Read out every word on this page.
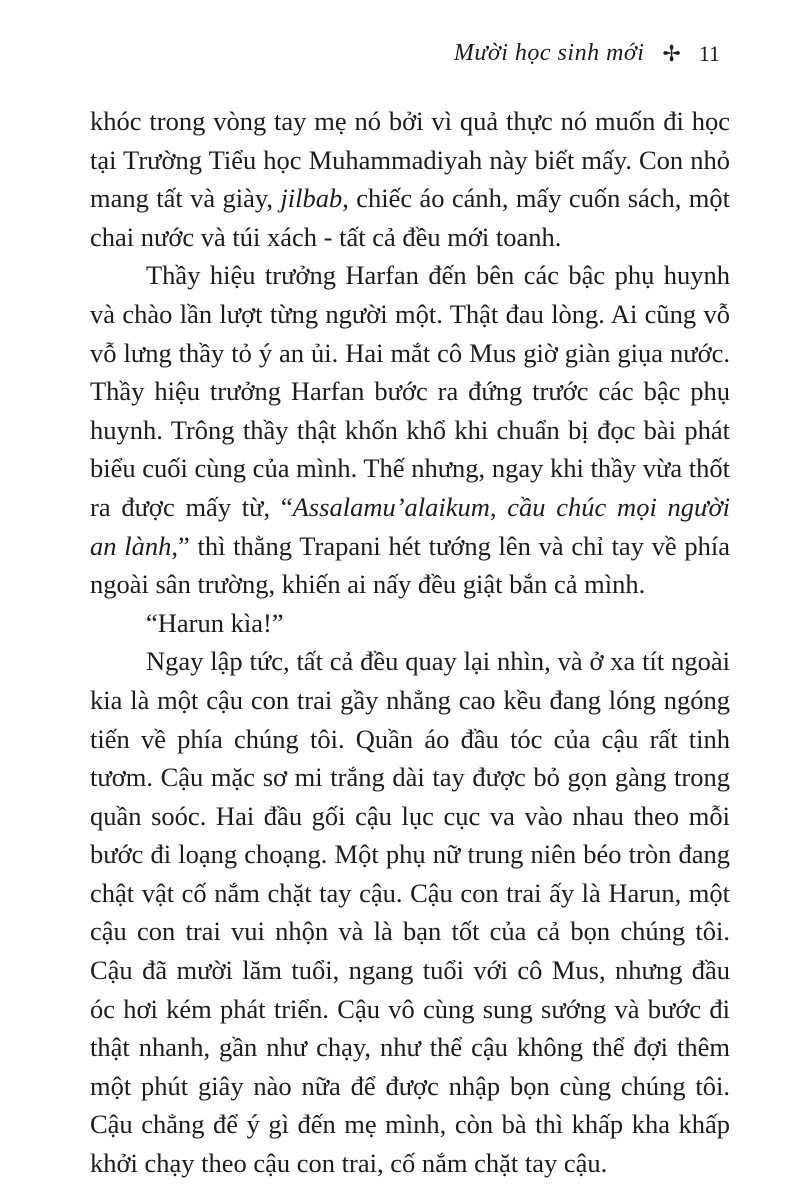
Mười học sinh mới ✢ 11

khóc trong vòng tay mẹ nó bởi vì quả thực nó muốn đi học tại Trường Tiểu học Muhammadiyah này biết mấy. Con nhỏ mang tất và giày, jilbab, chiếc áo cánh, mấy cuốn sách, một chai nước và túi xách - tất cả đều mới toanh.

Thầy hiệu trưởng Harfan đến bên các bậc phụ huynh và chào lần lượt từng người một. Thật đau lòng. Ai cũng vỗ vỗ lưng thầy tỏ ý an ủi. Hai mắt cô Mus giờ giàn giụa nước. Thầy hiệu trưởng Harfan bước ra đứng trước các bậc phụ huynh. Trông thầy thật khốn khổ khi chuẩn bị đọc bài phát biểu cuối cùng của mình. Thế nhưng, ngay khi thầy vừa thốt ra được mấy từ, “Assalamu’alaikum, cầu chúc mọi người an lành,” thì thằng Trapani hét tướng lên và chỉ tay về phía ngoài sân trường, khiến ai nấy đều giật bắn cả mình.

“Harun kìa!”

Ngay lập tức, tất cả đều quay lại nhìn, và ở xa tít ngoài kia là một cậu con trai gầy nhẳng cao kều đang lóng ngóng tiến về phía chúng tôi. Quần áo đầu tóc của cậu rất tinh tươm. Cậu mặc sơ mi trắng dài tay được bỏ gọn gàng trong quần soóc. Hai đầu gối cậu lục cục va vào nhau theo mỗi bước đi loạng choạng. Một phụ nữ trung niên béo tròn đang chật vật cố nắm chặt tay cậu. Cậu con trai ấy là Harun, một cậu con trai vui nhộn và là bạn tốt của cả bọn chúng tôi. Cậu đã mười lăm tuổi, ngang tuổi với cô Mus, nhưng đầu óc hơi kém phát triển. Cậu vô cùng sung sướng và bước đi thật nhanh, gần như chạy, như thể cậu không thể đợi thêm một phút giây nào nữa để được nhập bọn cùng chúng tôi. Cậu chẳng để ý gì đến mẹ mình, còn bà thì khấp kha khấp khởi chạy theo cậu con trai, cố nắm chặt tay cậu.
